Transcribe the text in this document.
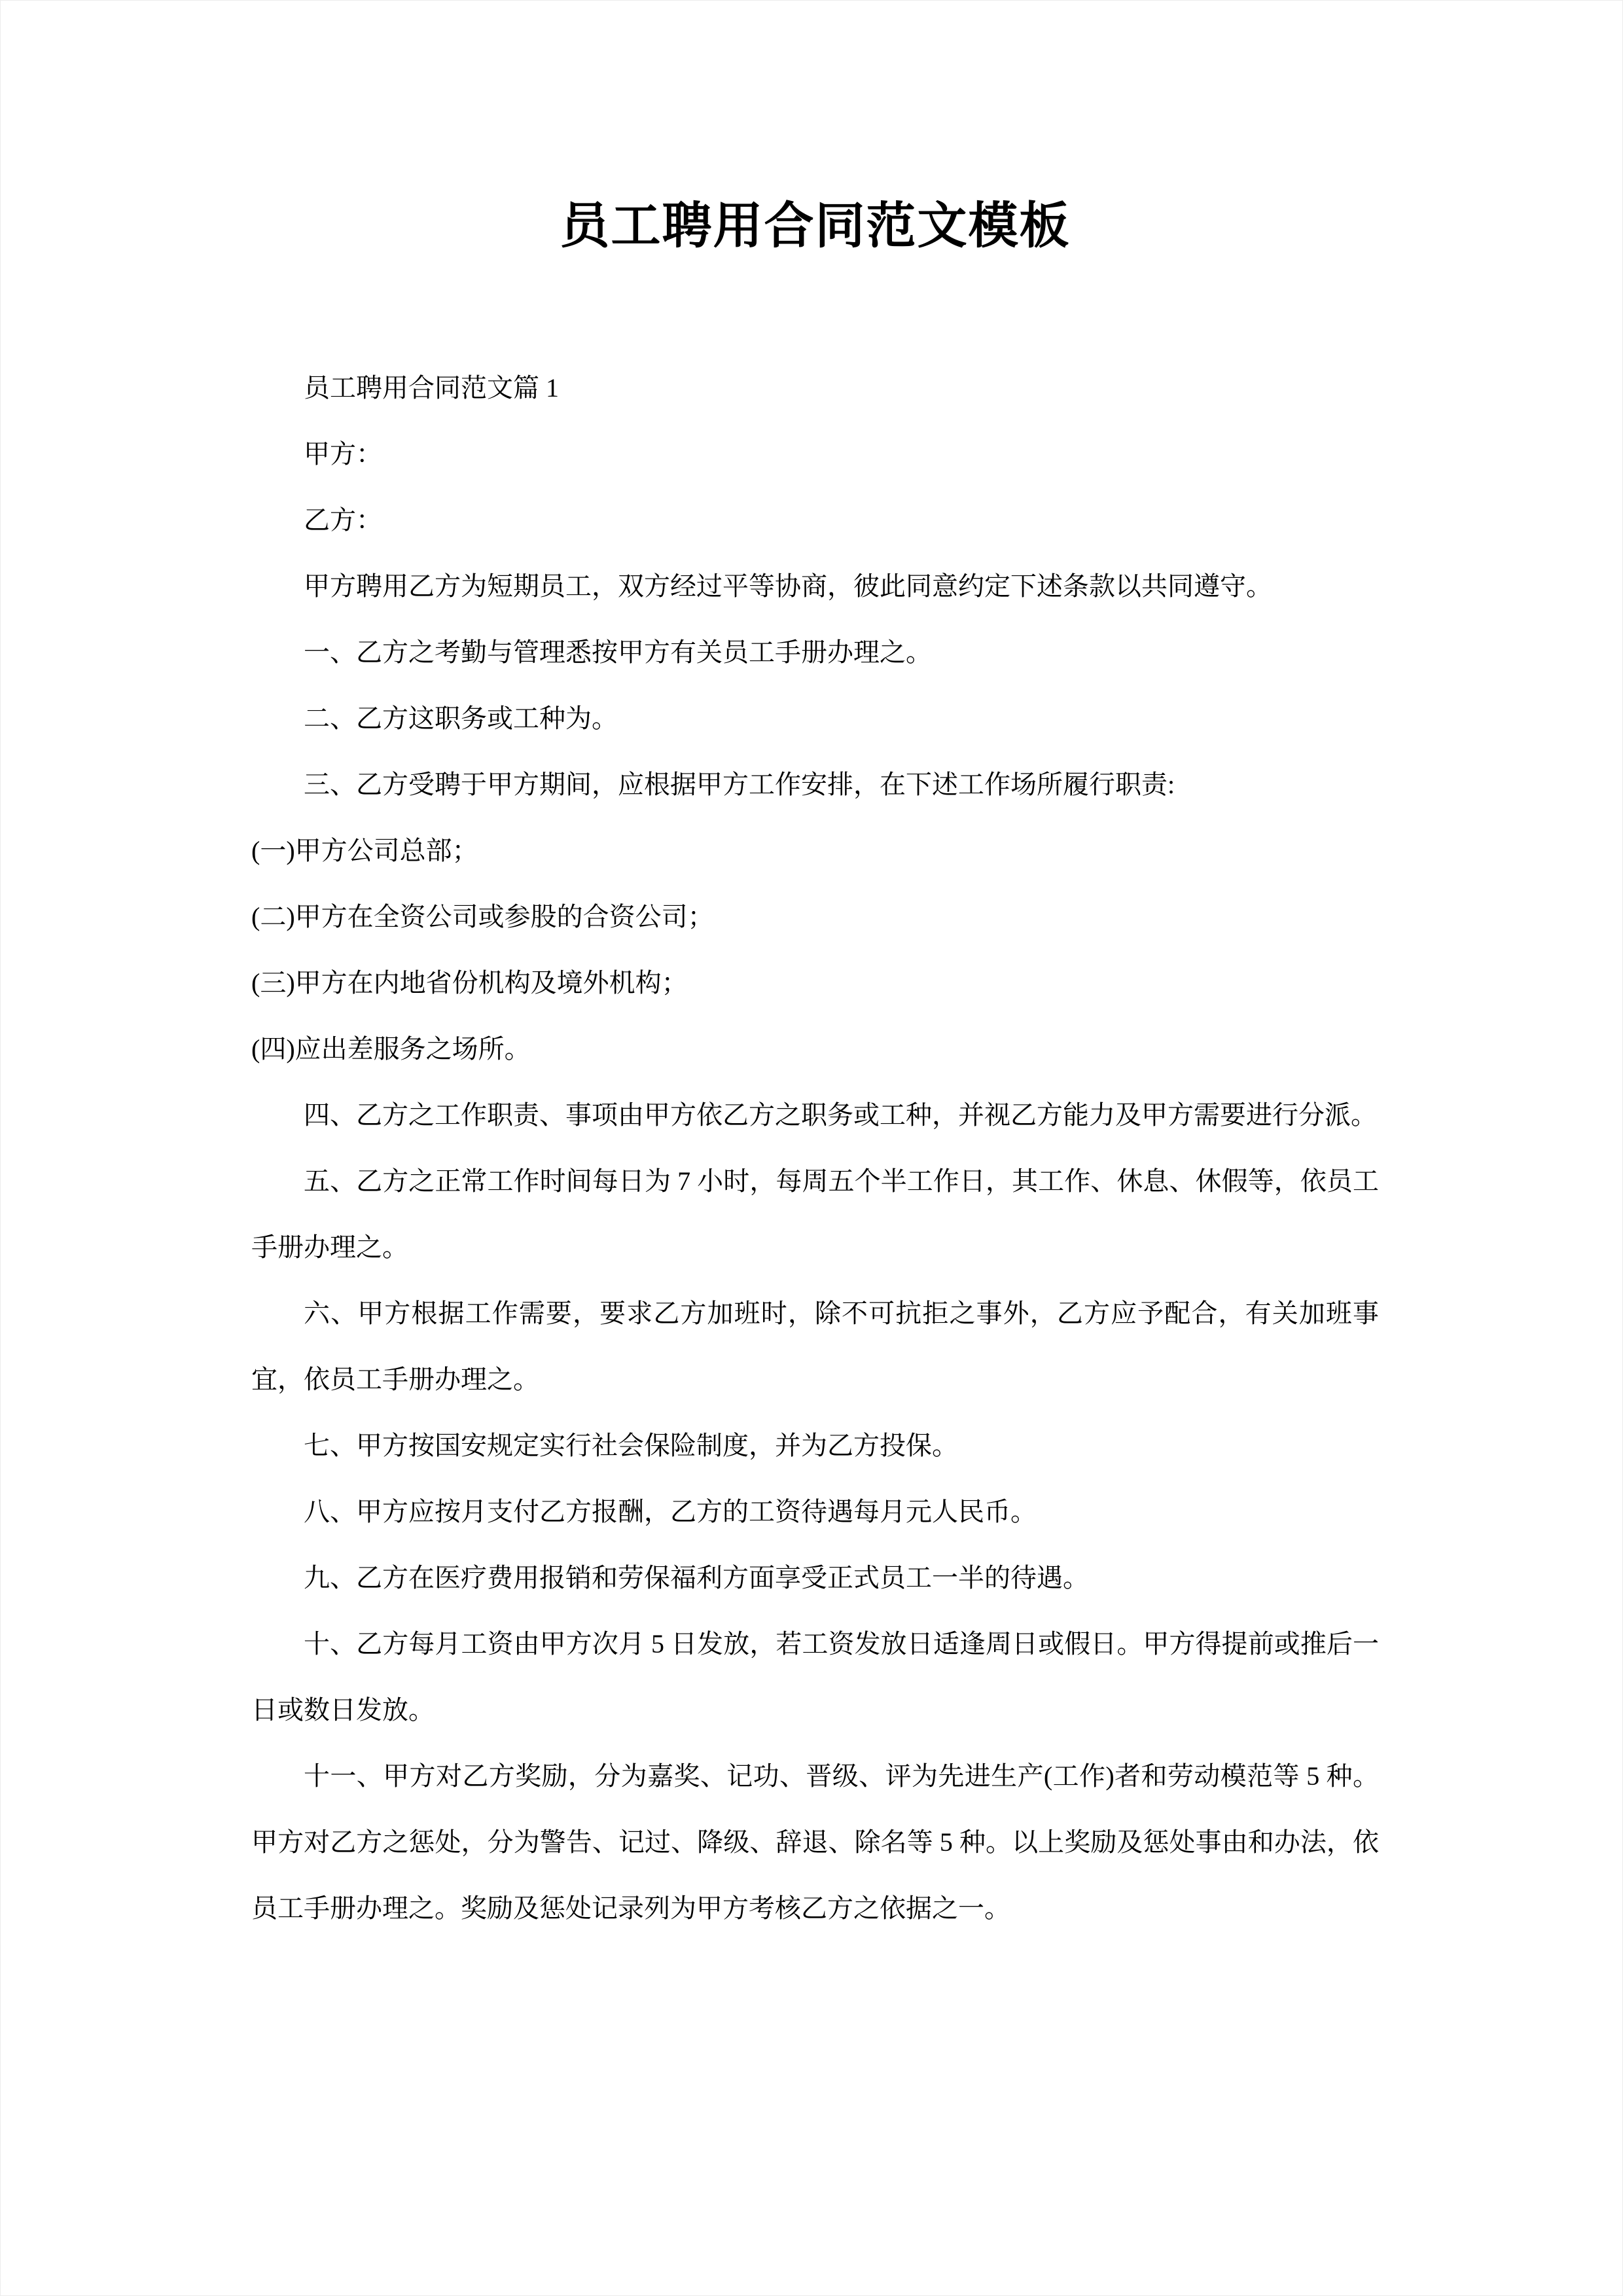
员工聘用合同范文模板

员工聘用合同范文篇 1

甲方：

乙方：

甲方聘用乙方为短期员工，双方经过平等协商，彼此同意约定下述条款以共同遵守。

一、乙方之考勤与管理悉按甲方有关员工手册办理之。

二、乙方这职务或工种为。

三、乙方受聘于甲方期间，应根据甲方工作安排，在下述工作场所履行职责:

(一)甲方公司总部；

(二)甲方在全资公司或参股的合资公司；

(三)甲方在内地省份机构及境外机构；

(四)应出差服务之场所。

四、乙方之工作职责、事项由甲方依乙方之职务或工种，并视乙方能力及甲方需要进行分派。

五、乙方之正常工作时间每日为 7 小时，每周五个半工作日，其工作、休息、休假等，依员工手册办理之。

六、甲方根据工作需要，要求乙方加班时，除不可抗拒之事外，乙方应予配合，有关加班事宜，依员工手册办理之。

七、甲方按国安规定实行社会保险制度，并为乙方投保。

八、甲方应按月支付乙方报酬，乙方的工资待遇每月元人民币。

九、乙方在医疗费用报销和劳保福利方面享受正式员工一半的待遇。

十、乙方每月工资由甲方次月 5 日发放，若工资发放日适逢周日或假日。甲方得提前或推后一日或数日发放。

十一、甲方对乙方奖励，分为嘉奖、记功、晋级、评为先进生产(工作)者和劳动模范等 5 种。甲方对乙方之惩处，分为警告、记过、降级、辞退、除名等 5 种。以上奖励及惩处事由和办法，依员工手册办理之。奖励及惩处记录列为甲方考核乙方之依据之一。
